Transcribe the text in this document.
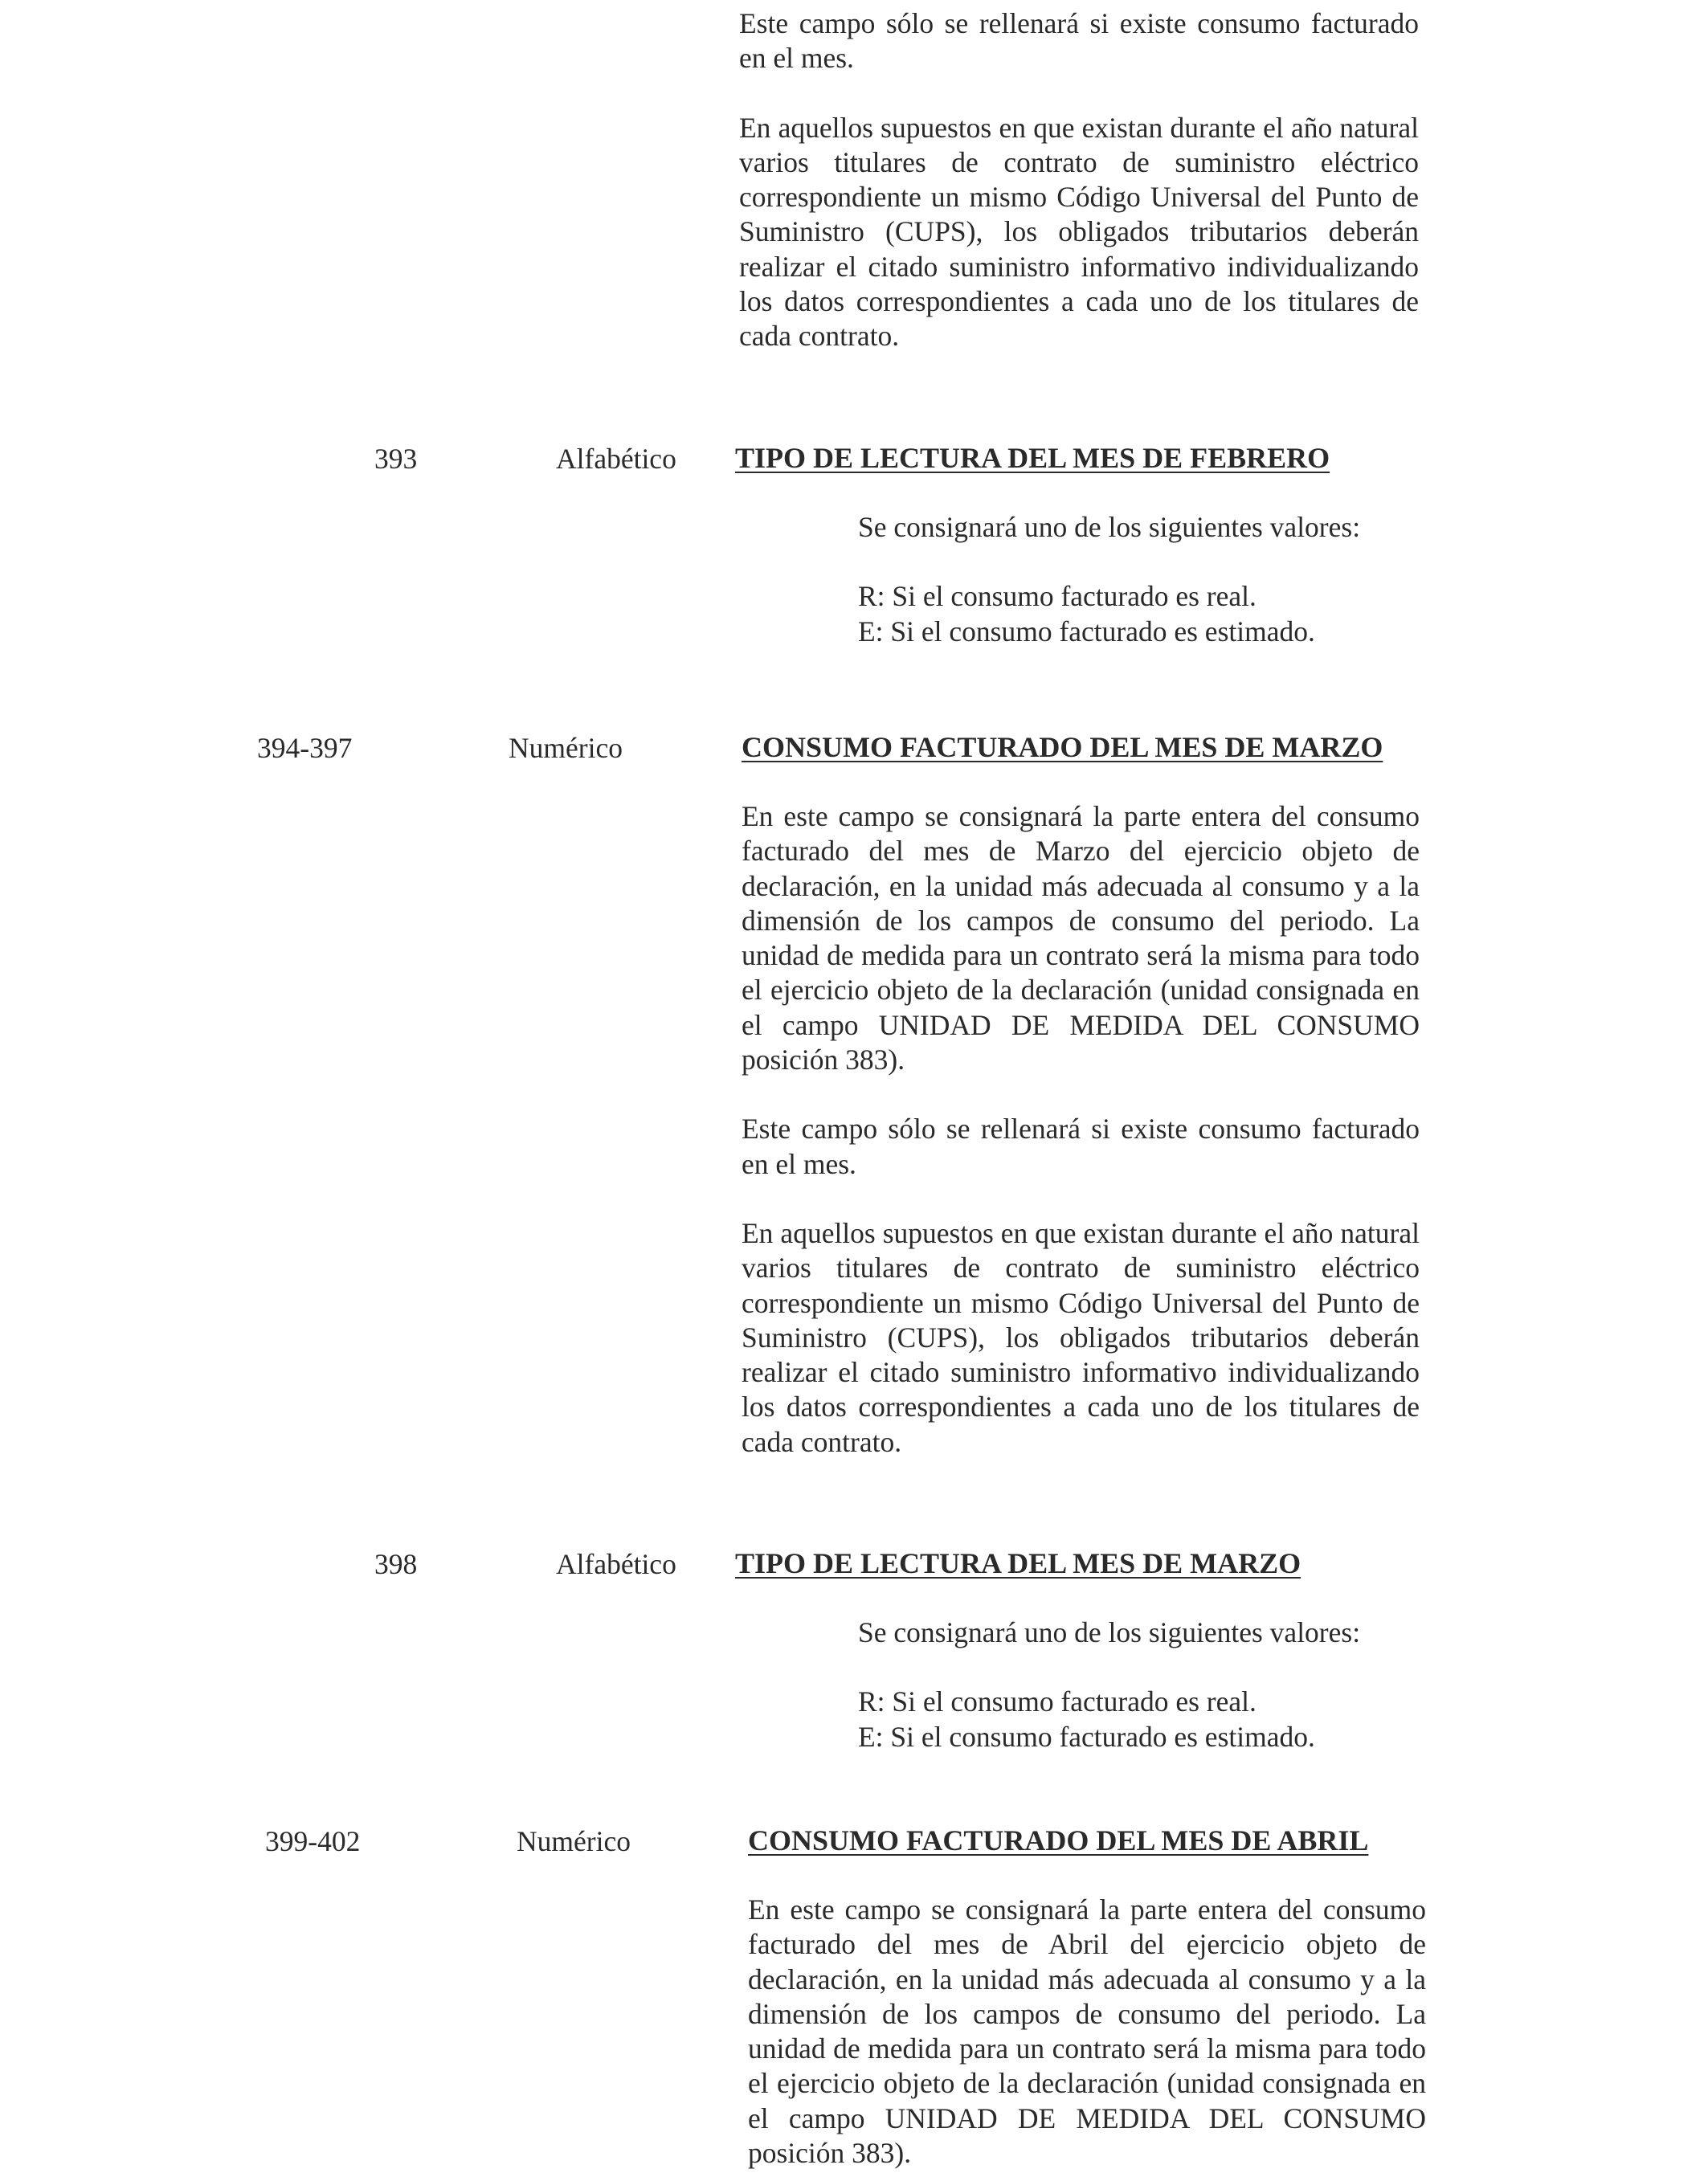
Este campo sólo se rellenará si existe consumo facturado en el mes.

En aquellos supuestos en que existan durante el año natural varios titulares de contrato de suministro eléctrico correspondiente un mismo Código Universal del Punto de Suministro (CUPS), los obligados tributarios deberán realizar el citado suministro informativo individualizando los datos correspondientes a cada uno de los titulares de cada contrato.

393	Alfabético TIPO DE LECTURA DEL MES DE FEBRERO

Se consignará uno de los siguientes valores:

R: Si el consumo facturado es real.

E: Si el consumo facturado es estimado.

394-397	Numérico	CONSUMO FACTURADO DEL MES DE MARZO

En este campo se consignará la parte entera del consumo facturado del mes de Marzo del ejercicio objeto de declaración, en la unidad más adecuada al consumo y a la dimensión de los campos de consumo del periodo. La unidad de medida para un contrato será la misma para todo el ejercicio objeto de la declaración (unidad consignada en el campo UNIDAD DE MEDIDA DEL CONSUMO posición 383).

Este campo sólo se rellenará si existe consumo facturado en el mes.

En aquellos supuestos en que existan durante el año natural varios titulares de contrato de suministro eléctrico correspondiente un mismo Código Universal del Punto de Suministro (CUPS), los obligados tributarios deberán realizar el citado suministro informativo individualizando los datos correspondientes a cada uno de los titulares de cada contrato.

398	Alfabético TIPO DE LECTURA DEL MES DE MARZO

Se consignará uno de los siguientes valores:

R: Si el consumo facturado es real.

E: Si el consumo facturado es estimado.

399-402	Numérico	CONSUMO FACTURADO DEL MES DE ABRIL

En este campo se consignará la parte entera del consumo facturado del mes de Abril del ejercicio objeto de declaración, en la unidad más adecuada al consumo y a la dimensión de los campos de consumo del periodo. La unidad de medida para un contrato será la misma para todo el ejercicio objeto de la declaración (unidad consignada en el campo UNIDAD DE MEDIDA DEL CONSUMO posición 383).
